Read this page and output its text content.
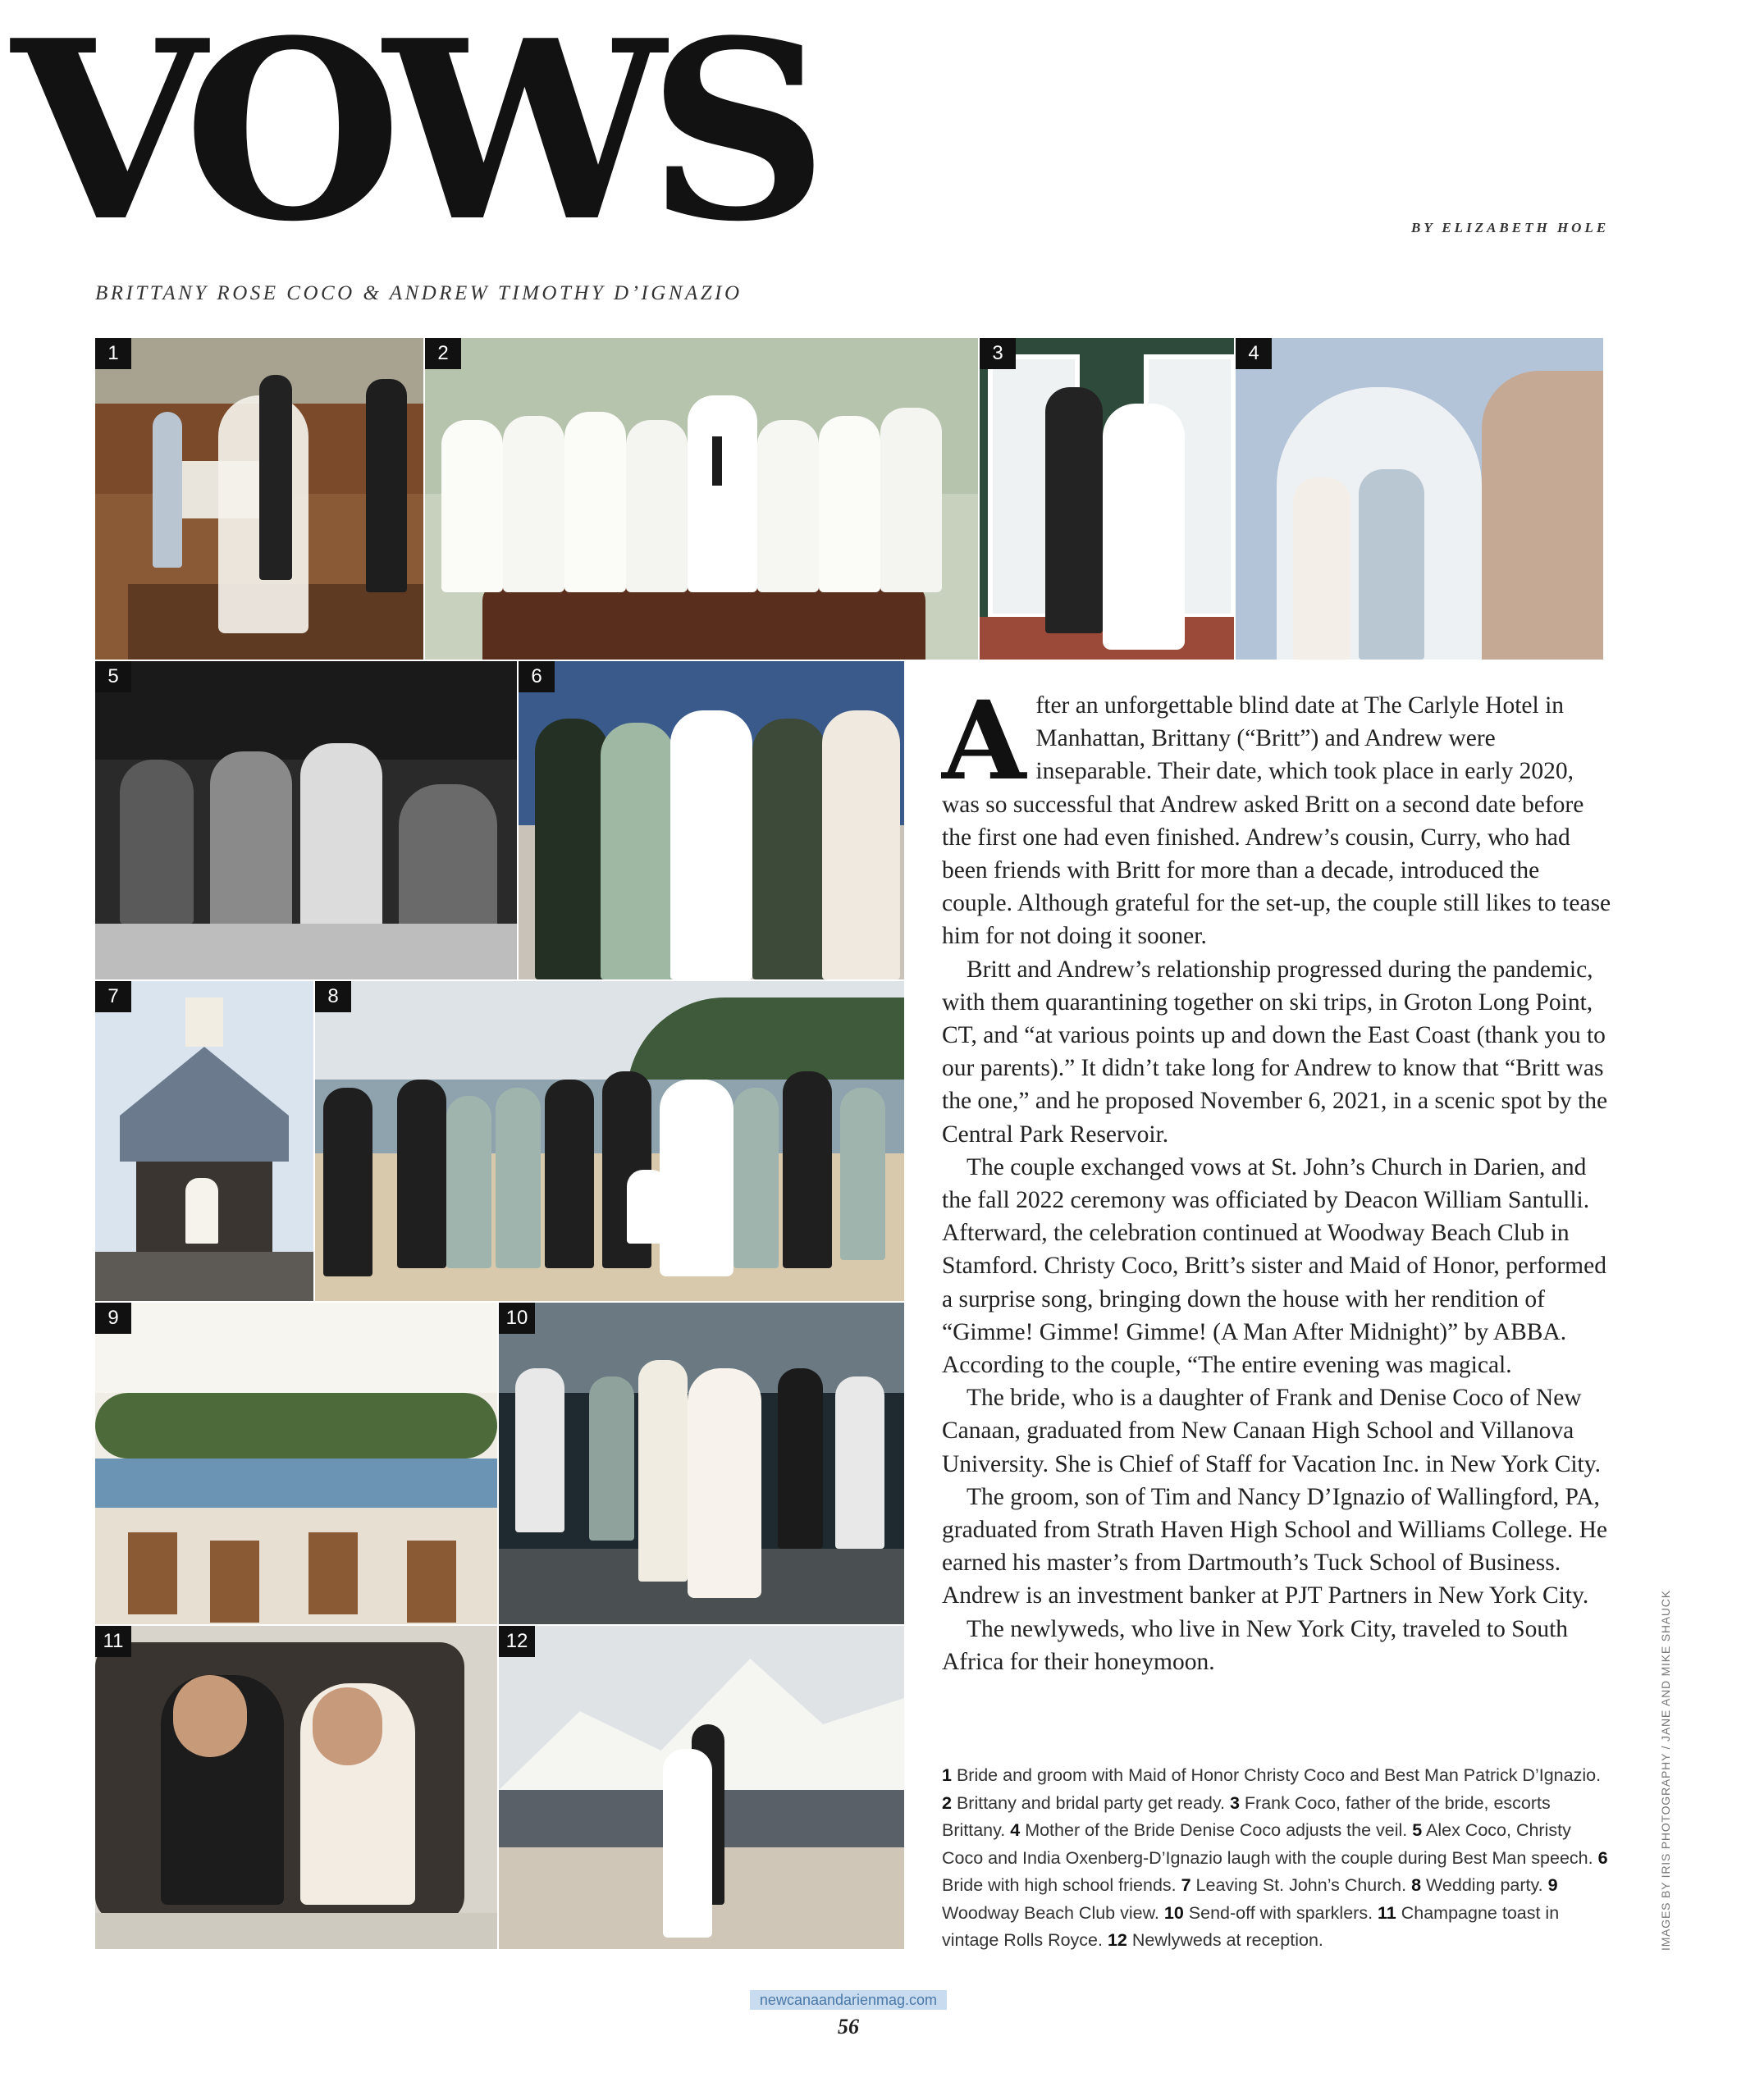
VOWS	BY ELIZABETH HOLE
BRITTANY ROSE COCO & ANDREW TIMOTHY D’IGNAZIO
1	2	3	4
5	6
7	8
9	10
11	12

After an unforgettable blind date at The Carlyle Hotel in Manhattan, Brittany (“Britt”) and Andrew were inseparable. Their date, which took place in early 2020, was so successful that Andrew asked Britt on a second date before the first one had even finished. Andrew’s cousin, Curry, who had been friends with Britt for more than a decade, introduced the couple. Although grateful for the set-up, the couple still likes to tease him for not doing it sooner.

Britt and Andrew’s relationship progressed during the pandemic, with them quarantining together on ski trips, in Groton Long Point, CT, and “at various points up and down the East Coast (thank you to our parents).” It didn’t take long for Andrew to know that “Britt was the one,” and he proposed November 6, 2021, in a scenic spot by the Central Park Reservoir.

The couple exchanged vows at St. John’s Church in Darien, and the fall 2022 ceremony was officiated by Deacon William Santulli. Afterward, the celebration continued at Woodway Beach Club in Stamford. Christy Coco, Britt’s sister and Maid of Honor, performed a surprise song, bringing down the house with her rendition of “Gimme! Gimme! Gimme! (A Man After Midnight)” by ABBA. According to the couple, “The entire evening was magical.

The bride, who is a daughter of Frank and Denise Coco of New Canaan, graduated from New Canaan High School and Villanova University. She is Chief of Staff for Vacation Inc. in New York City.

The groom, son of Tim and Nancy D’Ignazio of Wallingford, PA, graduated from Strath Haven High School and Williams College. He earned his master’s from Dartmouth’s Tuck School of Business. Andrew is an investment banker at PJT Partners in New York City.

The newlyweds, who live in New York City, traveled to South Africa for their honeymoon.

1 Bride and groom with Maid of Honor Christy Coco and Best Man Patrick D’Ignazio. 2 Brittany and bridal party get ready. 3 Frank Coco, father of the bride, escorts Brittany. 4 Mother of the Bride Denise Coco adjusts the veil. 5 Alex Coco, Christy Coco and India Oxenberg-D’Ignazio laugh with the couple during Best Man speech. 6 Bride with high school friends. 7 Leaving St. John’s Church. 8 Wedding party. 9 Woodway Beach Club view. 10 Send-off with sparklers. 11 Champagne toast in vintage Rolls Royce. 12 Newlyweds at reception.	IMAGES BY IRIS PHOTOGRAPHY / JANE AND MIKE SHAUCK
newcanaandarienmag.com
56
